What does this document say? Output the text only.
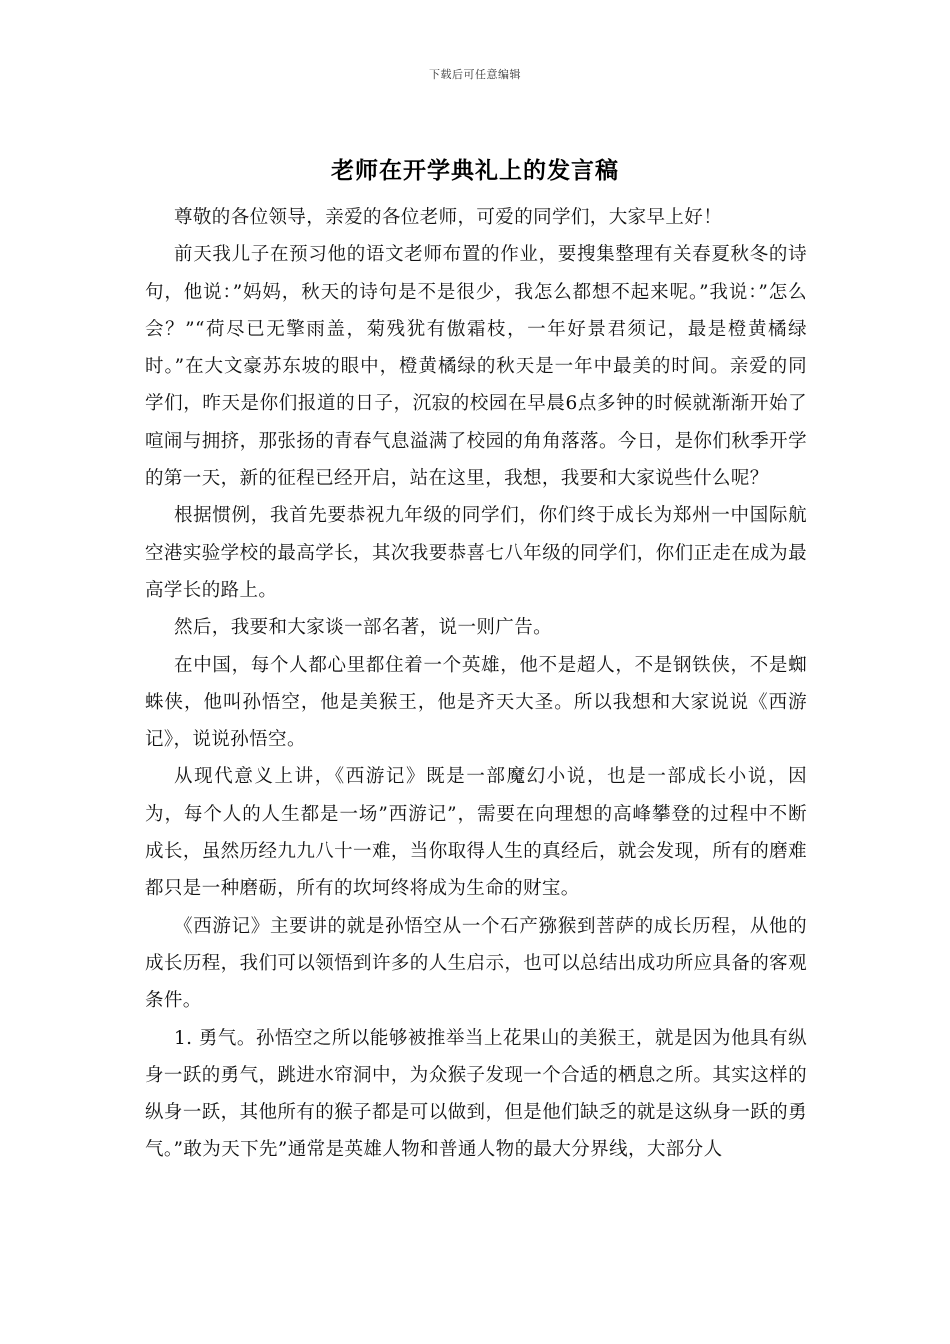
下载后可任意编辑
老师在开学典礼上的发言稿

尊敬的各位领导，亲爱的各位老师，可爱的同学们，大家早上好！

前天我儿子在预习他的语文老师布置的作业，要搜集整理有关春夏秋冬的诗句，他说：”妈妈，秋天的诗句是不是很少，我怎么都想不起来呢。”我说：”怎么会？”“荷尽已无擎雨盖，菊残犹有傲霜枝，一年好景君须记，最是橙黄橘绿时。”在大文豪苏东坡的眼中，橙黄橘绿的秋天是一年中最美的时间。亲爱的同学们，昨天是你们报道的日子，沉寂的校园在早晨6点多钟的时候就渐渐开始了喧闹与拥挤，那张扬的青春气息溢满了校园的角角落落。今日，是你们秋季开学的第一天，新的征程已经开启，站在这里，我想，我要和大家说些什么呢？

根据惯例，我首先要恭祝九年级的同学们，你们终于成长为郑州一中国际航空港实验学校的最高学长，其次我要恭喜七八年级的同学们，你们正走在成为最高学长的路上。

然后，我要和大家谈一部名著，说一则广告。

在中国，每个人都心里都住着一个英雄，他不是超人，不是钢铁侠，不是蜘蛛侠，他叫孙悟空，他是美猴王，他是齐天大圣。所以我想和大家说说《西游记》，说说孙悟空。

从现代意义上讲，《西游记》既是一部魔幻小说，也是一部成长小说，因为，每个人的人生都是一场”西游记”，需要在向理想的高峰攀登的过程中不断成长，虽然历经九九八十一难，当你取得人生的真经后，就会发现，所有的磨难都只是一种磨砺，所有的坎坷终将成为生命的财宝。

《西游记》主要讲的就是孙悟空从一个石产猕猴到菩萨的成长历程，从他的成长历程，我们可以领悟到许多的人生启示，也可以总结出成功所应具备的客观条件。

1. 勇气。孙悟空之所以能够被推举当上花果山的美猴王，就是因为他具有纵身一跃的勇气，跳进水帘洞中，为众猴子发现一个合适的栖息之所。其实这样的纵身一跃，其他所有的猴子都是可以做到，但是他们缺乏的就是这纵身一跃的勇气。”敢为天下先”通常是英雄人物和普通人物的最大分界线，大部分人
